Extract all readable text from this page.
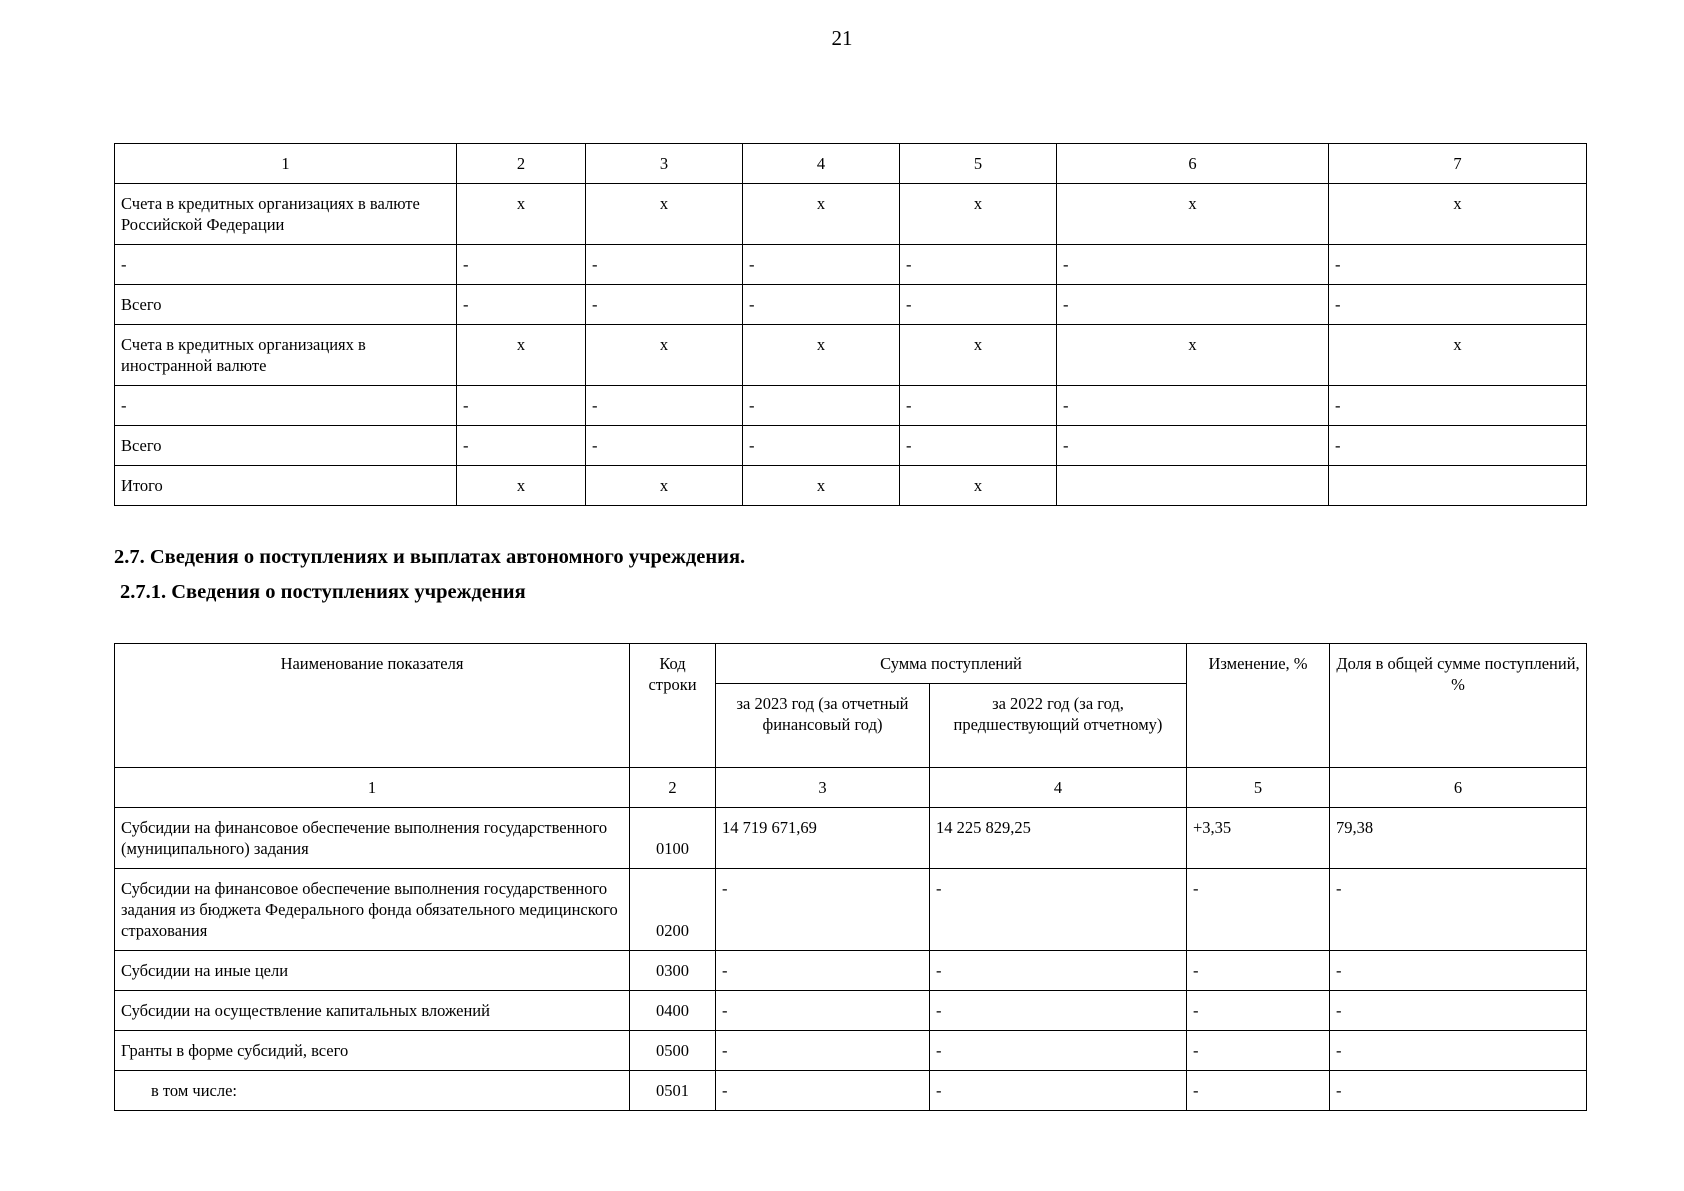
21
1	2	3	4	5	6	7
Счета в кредитных организациях в валюте Российской Федерации	x	x	x	x	x	x
-	-	-	-	-	-	-
Всего	-	-	-	-	-	-
Счета в кредитных организациях в иностранной валюте	x	x	x	x	x	x
-	-	-	-	-	-	-
Всего	-	-	-	-	-	-
Итого	x	x	x	x		
2.7. Сведения о поступлениях и выплатах автономного учреждения.
2.7.1. Сведения о поступлениях учреждения
Наименование показателя	Код строки	Сумма поступлений		Изменение, %	Доля в общей сумме поступлений, %
		за 2023 год (за отчетный финансовый год)	за 2022 год (за год, предшествующий отчетному)		
1	2	3	4	5	6
Субсидии на финансовое обеспечение выполнения государственного (муниципального) задания	0100	14 719 671,69	14 225 829,25	+3,35	79,38
Субсидии на финансовое обеспечение выполнения государственного задания из бюджета Федерального фонда обязательного медицинского страхования	0200	-	-	-	-
Субсидии на иные цели	0300	-	-	-	-
Субсидии на осуществление капитальных вложений	0400	-	-	-	-
Гранты в форме субсидий, всего	0500	-	-	-	-
в том числе:	0501	-	-	-	-
